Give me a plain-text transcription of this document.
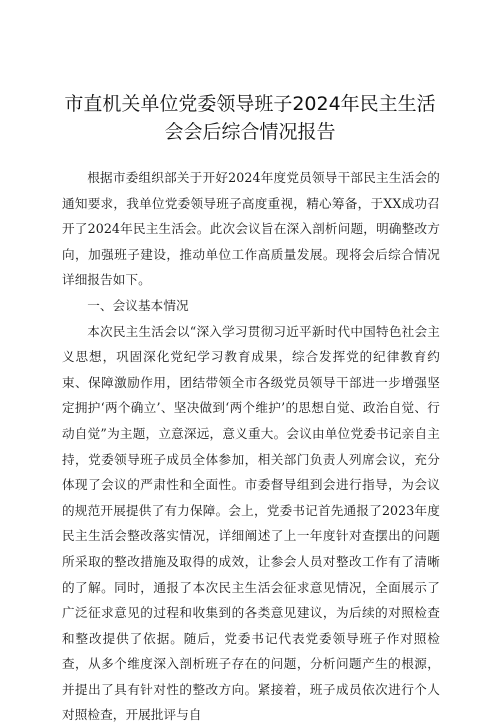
市直机关单位党委领导班子2024年民主生活
会会后综合情况报告

根据市委组织部关于开好2024年度党员领导干部民主生活会的通知要求，我单位党委领导班子高度重视，精心筹备，于XX成功召开了2024年民主生活会。此次会议旨在深入剖析问题，明确整改方向，加强班子建设，推动单位工作高质量发展。现将会后综合情况详细报告如下。

一、会议基本情况

本次民主生活会以“深入学习贯彻习近平新时代中国特色社会主义思想，巩固深化党纪学习教育成果，综合发挥党的纪律教育约束、保障激励作用，团结带领全市各级党员领导干部进一步增强坚定拥护‘两个确立’、坚决做到‘两个维护’的思想自觉、政治自觉、行动自觉”为主题，立意深远，意义重大。会议由单位党委书记亲自主持，党委领导班子成员全体参加，相关部门负责人列席会议，充分体现了会议的严肃性和全面性。市委督导组到会进行指导，为会议的规范开展提供了有力保障。会上，党委书记首先通报了2023年度民主生活会整改落实情况，详细阐述了上一年度针对查摆出的问题所采取的整改措施及取得的成效，让参会人员对整改工作有了清晰的了解。同时，通报了本次民主生活会征求意见情况，全面展示了广泛征求意见的过程和收集到的各类意见建议，为后续的对照检查和整改提供了依据。随后，党委书记代表党委领导班子作对照检查，从多个维度深入剖析班子存在的问题，分析问题产生的根源，并提出了具有针对性的整改方向。紧接着，班子成员依次进行个人对照检查，开展批评与自
